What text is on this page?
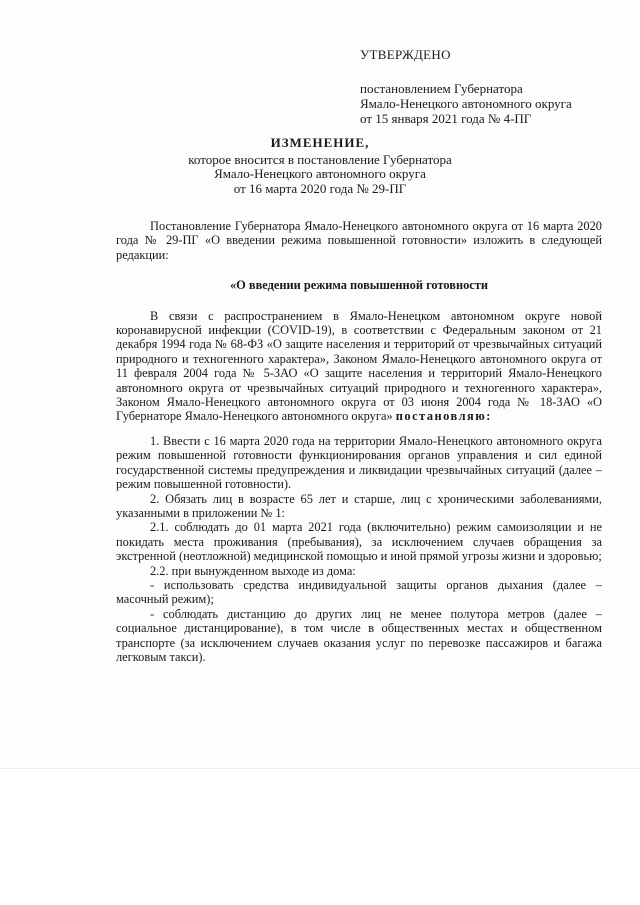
УТВЕРЖДЕНО
постановлением Губернатора
Ямало-Ненецкого автономного округа
от 15 января 2021 года № 4-ПГ
ИЗМЕНЕНИЕ,
которое вносится в постановление Губернатора
Ямало-Ненецкого автономного округа
от 16 марта 2020 года № 29-ПГ

Постановление Губернатора Ямало-Ненецкого автономного округа от 16 марта 2020 года № 29-ПГ «О введении режима повышенной готовности» изложить в следующей редакции:

«О введении режима повышенной готовности

В связи с распространением в Ямало-Ненецком автономном округе новой коронавирусной инфекции (COVID-19), в соответствии с Федеральным законом от 21 декабря 1994 года № 68-ФЗ «О защите населения и территорий от чрезвычайных ситуаций природного и техногенного характера», Законом Ямало-Ненецкого автономного округа от 11 февраля 2004 года № 5-ЗАО «О защите населения и территорий Ямало-Ненецкого автономного округа от чрезвычайных ситуаций природного и техногенного характера», Законом Ямало-Ненецкого автономного округа от 03 июня 2004 года № 18-ЗАО «О Губернаторе Ямало-Ненецкого автономного округа» постановляю:

1. Ввести с 16 марта 2020 года на территории Ямало-Ненецкого автономного округа режим повышенной готовности функционирования органов управления и сил единой государственной системы предупреждения и ликвидации чрезвычайных ситуаций (далее – режим повышенной готовности).

2. Обязать лиц в возрасте 65 лет и старше, лиц с хроническими заболеваниями, указанными в приложении № 1:

2.1. соблюдать до 01 марта 2021 года (включительно) режим самоизоляции и не покидать места проживания (пребывания), за исключением случаев обращения за экстренной (неотложной) медицинской помощью и иной прямой угрозы жизни и здоровью;

2.2. при вынужденном выходе из дома:

- использовать средства индивидуальной защиты органов дыхания (далее – масочный режим);

- соблюдать дистанцию до других лиц не менее полутора метров (далее – социальное дистанцирование), в том числе в общественных местах и общественном транспорте (за исключением случаев оказания услуг по перевозке пассажиров и багажа легковым такси).
